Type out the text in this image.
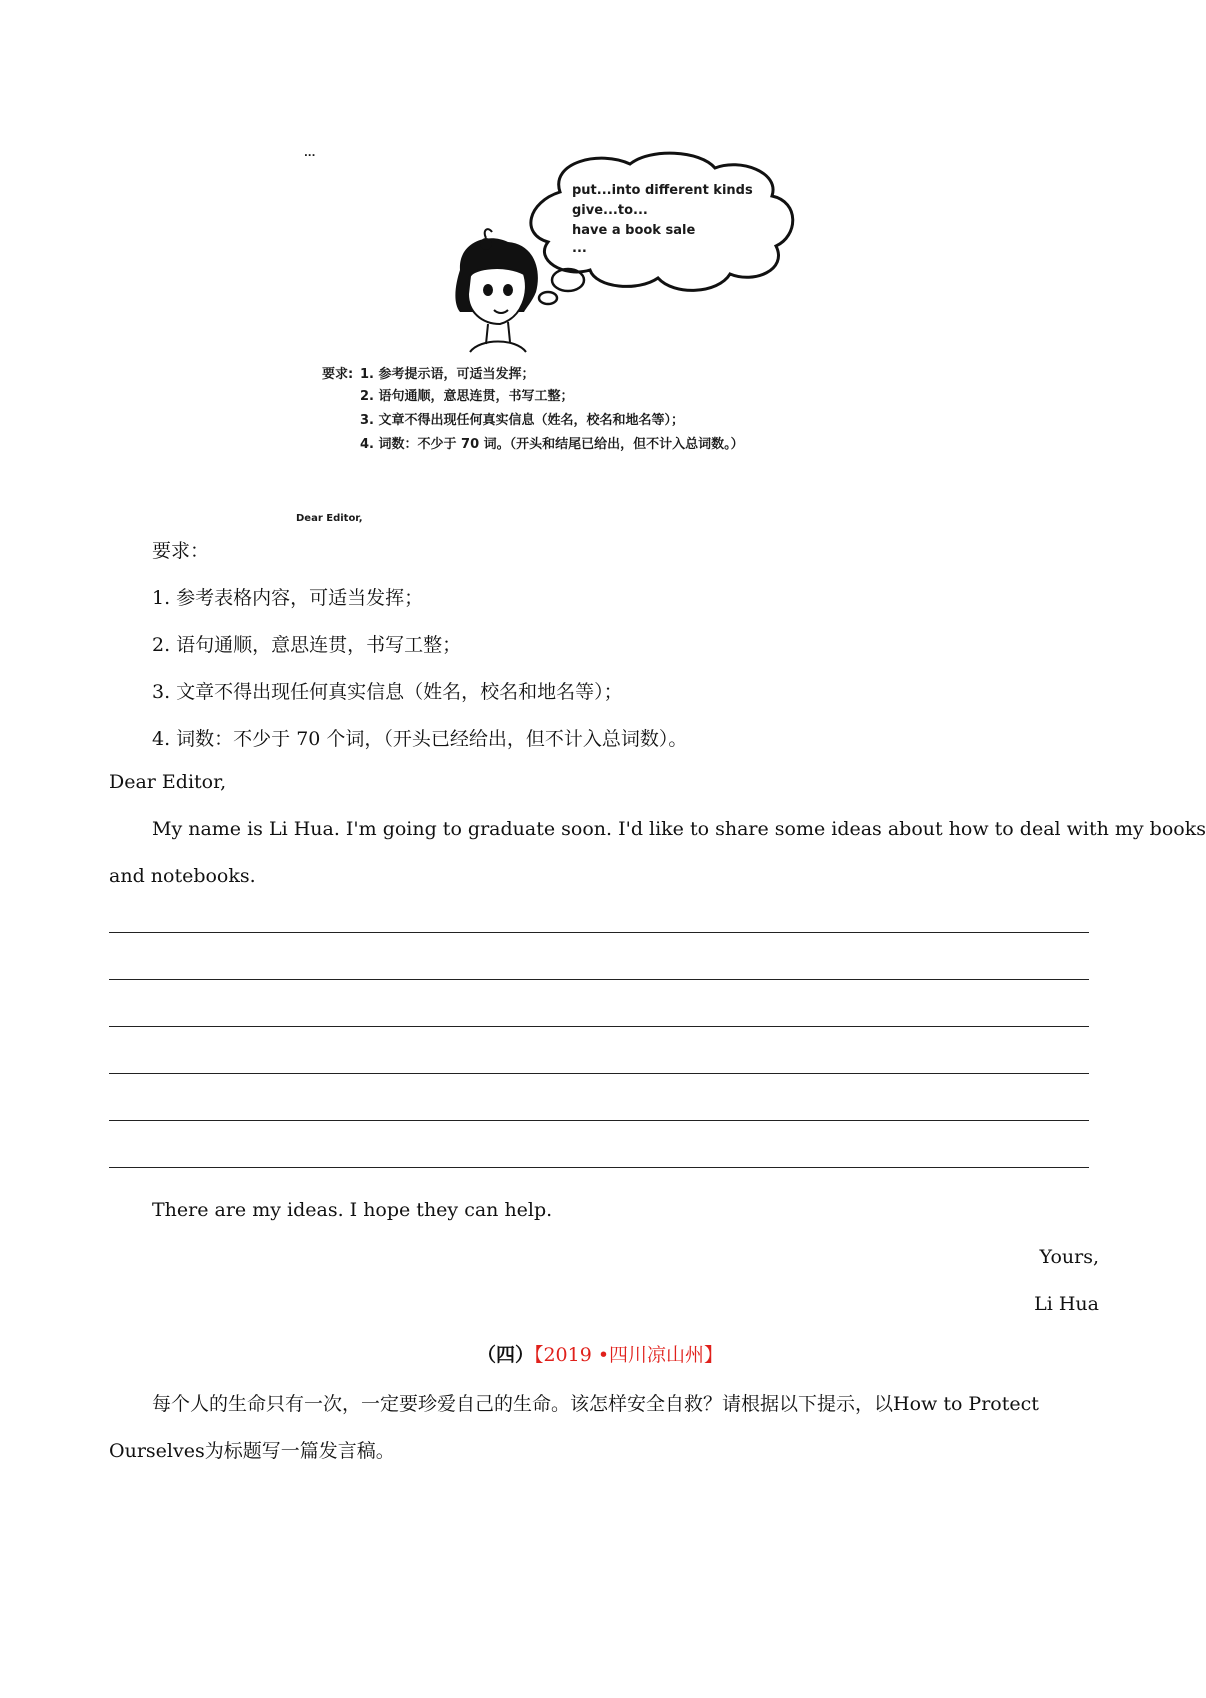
...
put...into different kinds
give...to...
have a book sale
...
要求: 1. 参考提示语，可适当发挥；
2. 语句通顺，意思连贯，书写工整；
3. 文章不得出现任何真实信息（姓名，校名和地名等）；
4. 词数：不少于 70 词。（开头和结尾已给出，但不计入总词数。）
Dear Editor,
要求：
1. 参考表格内容，可适当发挥；
2. 语句通顺，意思连贯，书写工整；
3. 文章不得出现任何真实信息（姓名，校名和地名等）；
4. 词数：不少于 70 个词，（开头已经给出，但不计入总词数）。
Dear Editor,
My name is Li Hua. I'm going to graduate soon. I'd like to share some ideas about how to deal with my books
and notebooks.
There are my ideas. I hope they can help.
Yours,
Li Hua
（四）【2019 •四川凉山州】
每个人的生命只有一次，一定要珍爱自己的生命。该怎样安全自救？请根据以下提示，以How to Protect
Ourselves为标题写一篇发言稿。
